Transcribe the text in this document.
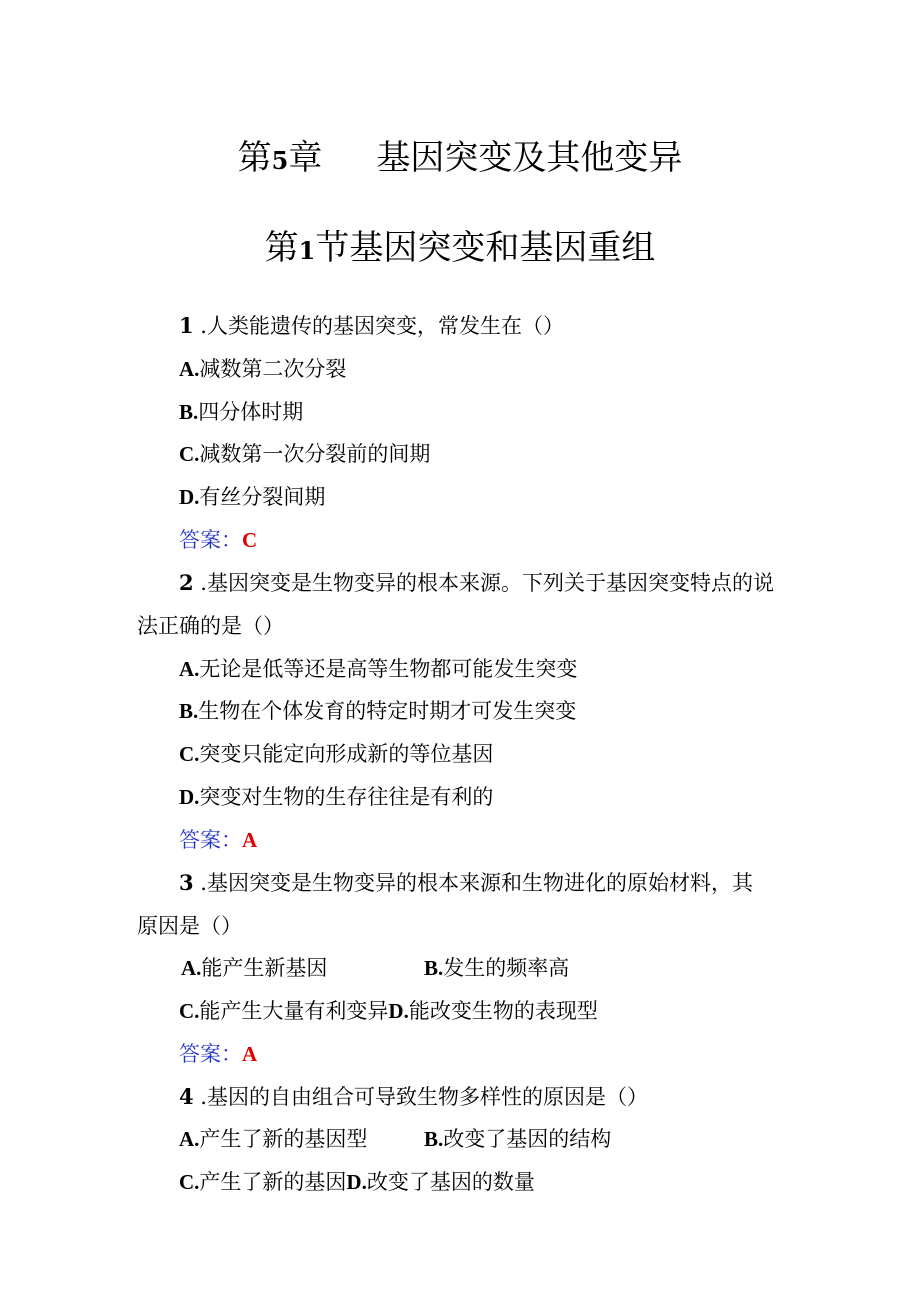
第5章 基因突变及其他变异
第1节基因突变和基因重组
1 .人类能遗传的基因突变，常发生在（）
A.减数第二次分裂
B.四分体时期
C.减数第一次分裂前的间期
D.有丝分裂间期
答案：C
2 .基因突变是生物变异的根本来源。下列关于基因突变特点的说
法正确的是（）
A.无论是低等还是高等生物都可能发生突变
B.生物在个体发育的特定时期才可发生突变
C.突变只能定向形成新的等位基因
D.突变对生物的生存往往是有利的
答案：A
3 .基因突变是生物变异的根本来源和生物进化的原始材料，其
原因是（）
A.能产生新基因	B.发生的频率高
C.能产生大量有利变异D.能改变生物的表现型
答案：A
4 .基因的自由组合可导致生物多样性的原因是（）
A.产生了新的基因型	B.改变了基因的结构
C.产生了新的基因D.改变了基因的数量
